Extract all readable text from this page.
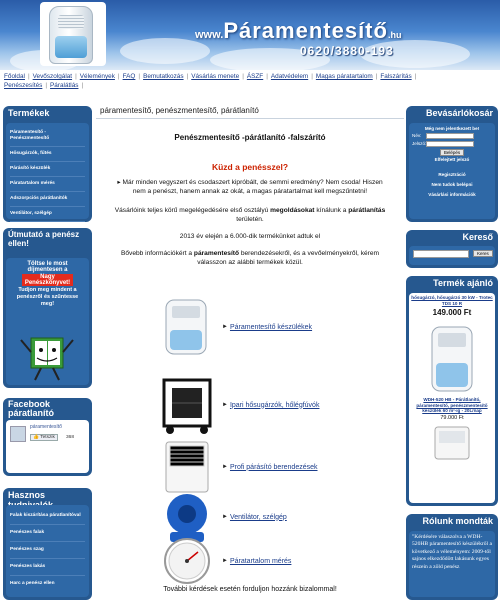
www.Páramentesítő.hu
0620/3880-193
Főoldal | Vevőszolgálat | Vélemények | FAQ | Bemutatkozás | Vásárlás menete | ÁSZF | Adatvédelem | Magas páratartalom | Falszárítás |
Penészesítés | Páralátlás |
Termékek
Páramentesítő - Penészmentesítő
Hősugárzók, fűtés
Párásító készülék
Páratartalom mérés
Adszorpciós párátlanítók
Ventilátor, szélgép
Útmutató a penész ellen!
Töltse le most
díjmentesen a
Nagy
Penészkönyvet!
Tudjon meg mindent a penészről és szűntesse meg!
Facebook páratlanító
páramentesítő
👍 Tetszik	368
Hasznos
Falak kiszárítása páratlanítóval
Penészes falak
Penészes szag
Penészes lakás
Harc a penész ellen
páramentesítő, penészmentesítő, párátlanító
Penészmentesítő -párátlanító -falszárító
Küzd a penésszel?
▸ Már minden vegyszert és csodaszert kipróbált, de semmi eredmény? Nem csoda! Hiszen nem a penészt, hanem annak az okát, a magas páratartalmat kell megszűntetni!
Vásárlóink teljes körű megelégedésére első osztályú megoldásokat kínálunk a párátlanítás területén.
2013 év elején a 6.000-dik termékünket adtuk el
Bővebb információkért a páramentesítő berendezésekről, és a vevőelményekről, kérem válasszon az alábbi termékek közül.
► Páramentesítő készülékek
► Ipari hősugárzók, hőlégfúvók
► Profi párásító berendezések
► Ventilátor, szélgép
► Páratartalom mérés
További kérdések esetén forduljon hozzánk bizalommal!
Bevásárlókosár
Még nem jelentkezett be!
Név:
Jelszó:
Belépés
Elfelejtett jelszó
Regisztráció
Nem tudok belépni
Vásárlási információk
Kereső
Keres
Termék ajánló
hősugárzó, hősugárzó 30 kW - Trotec TDS 10 R
149.000 Ft
WDH-520 HB - Párátlanító, páramentesítő, penészmentesítő készülék 60 m²-ig - 20L/nap
79.000 Ft
Rólunk mondták
"Kérdésére válaszolva a WDH-520HB páramentesítő készülékről a következő a véleményem: 2009-től sajnos elkezdődött lakásunk egyes részein a zöld penész
